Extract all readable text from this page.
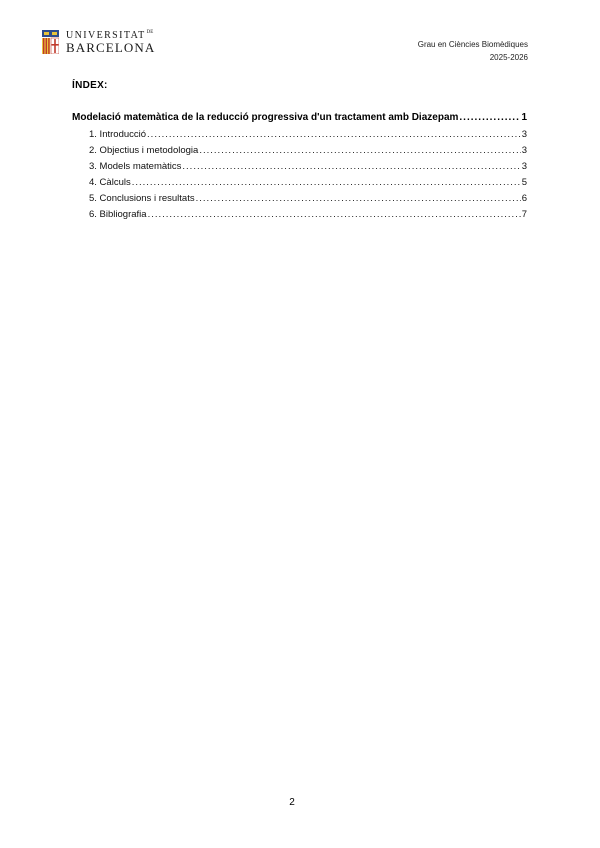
$UNIVERSITAT^{DE}$
BARCELONA	Grau en Ciències Biomèdiques
2025-2026
ÍNDEX:
Modelació matemàtica de la reducció progressiva d'un tractament amb Diazepam .....	1
1. Introducció .....	3
2. Objectius i metodologia .....	3
3. Models matemàtics .....	3
4. Càlculs .....	5
5. Conclusions i resultats .....	6
6. Bibliografia .....	7
2
